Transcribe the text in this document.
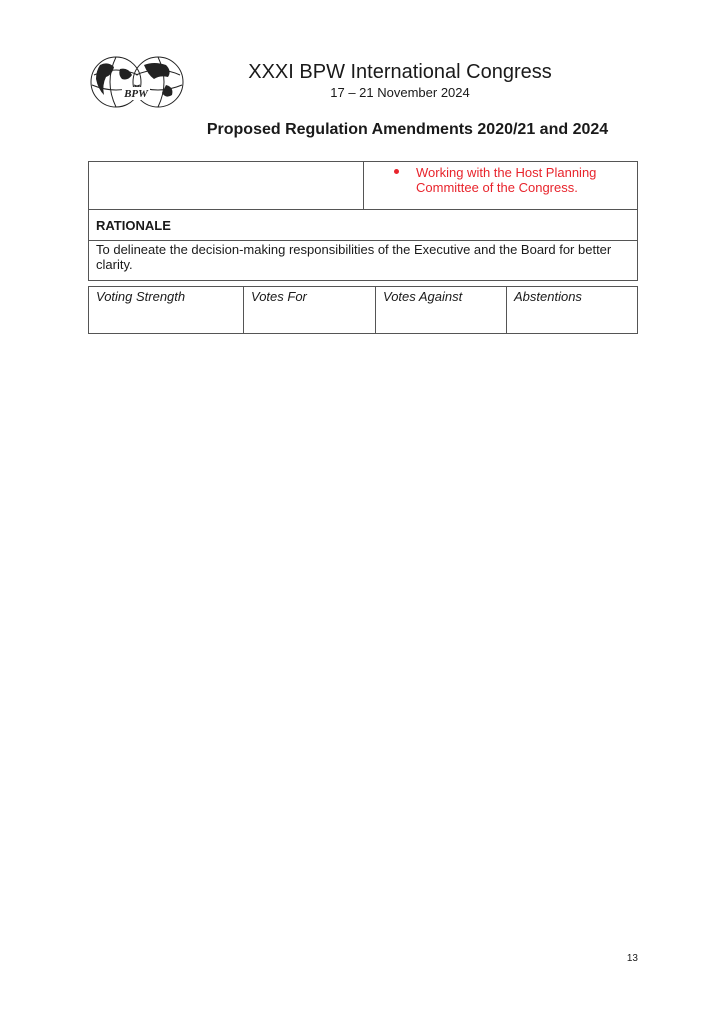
BPW
XXXI BPW International Congress
17 – 21 November 2024
Proposed Regulation Amendments 2020/21 and 2024

Working with the Host Planning Committee of the Congress.

RATIONALE
To delineate the decision-making responsibilities of the Executive and the Board for better clarity.
Voting Strength	Votes For	Votes Against	Abstentions
13
